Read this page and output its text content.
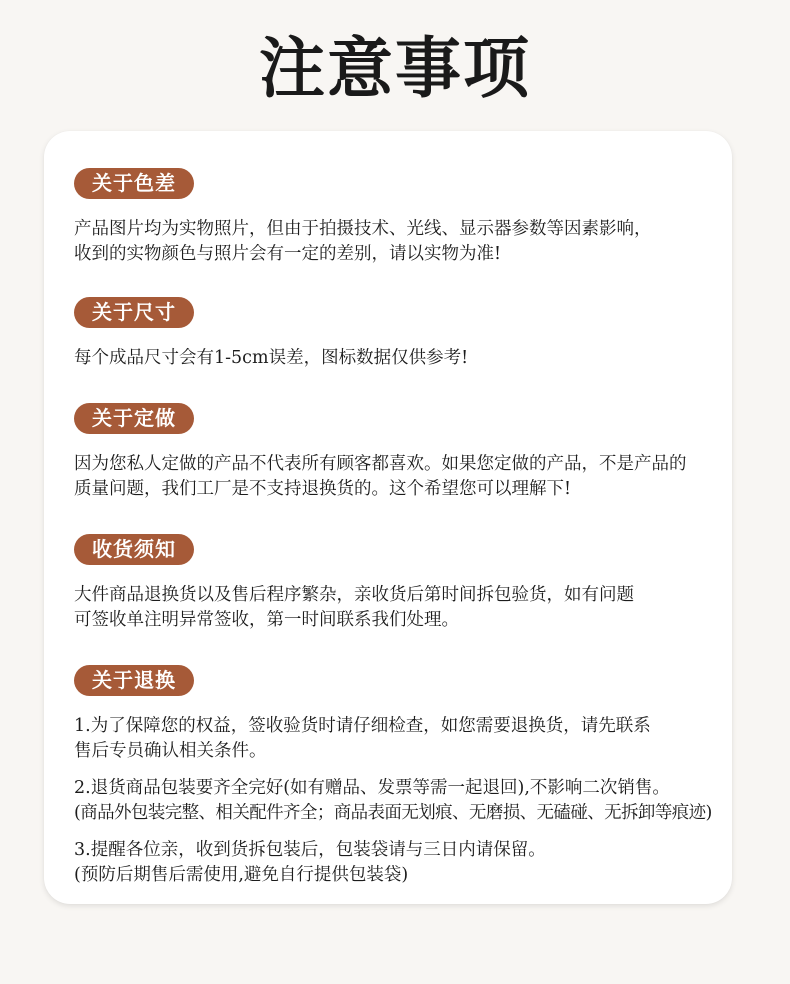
注意事项
关于色差
产品图片均为实物照片，但由于拍摄技术、光线、显示器参数等因素影响，
收到的实物颜色与照片会有一定的差别，请以实物为准!
关于尺寸
每个成品尺寸会有1-5cm误差，图标数据仅供参考!
关于定做
因为您私人定做的产品不代表所有顾客都喜欢。如果您定做的产品，不是产品的
质量问题，我们工厂是不支持退换货的。这个希望您可以理解下!
收货须知
大件商品退换货以及售后程序繁杂，亲收货后第时间拆包验货，如有问题
可签收单注明异常签收，第一时间联系我们处理。
关于退换
1.为了保障您的权益，签收验货时请仔细检查，如您需要退换货，请先联系
售后专员确认相关条件。
2.退货商品包装要齐全完好(如有赠品、发票等需一起退回),不影响二次销售。
(商品外包装完整、相关配件齐全；商品表面无划痕、无磨损、无磕碰、无拆卸等痕迹)
3.提醒各位亲，收到货拆包装后，包装袋请与三日内请保留。
(预防后期售后需使用,避免自行提供包装袋)
